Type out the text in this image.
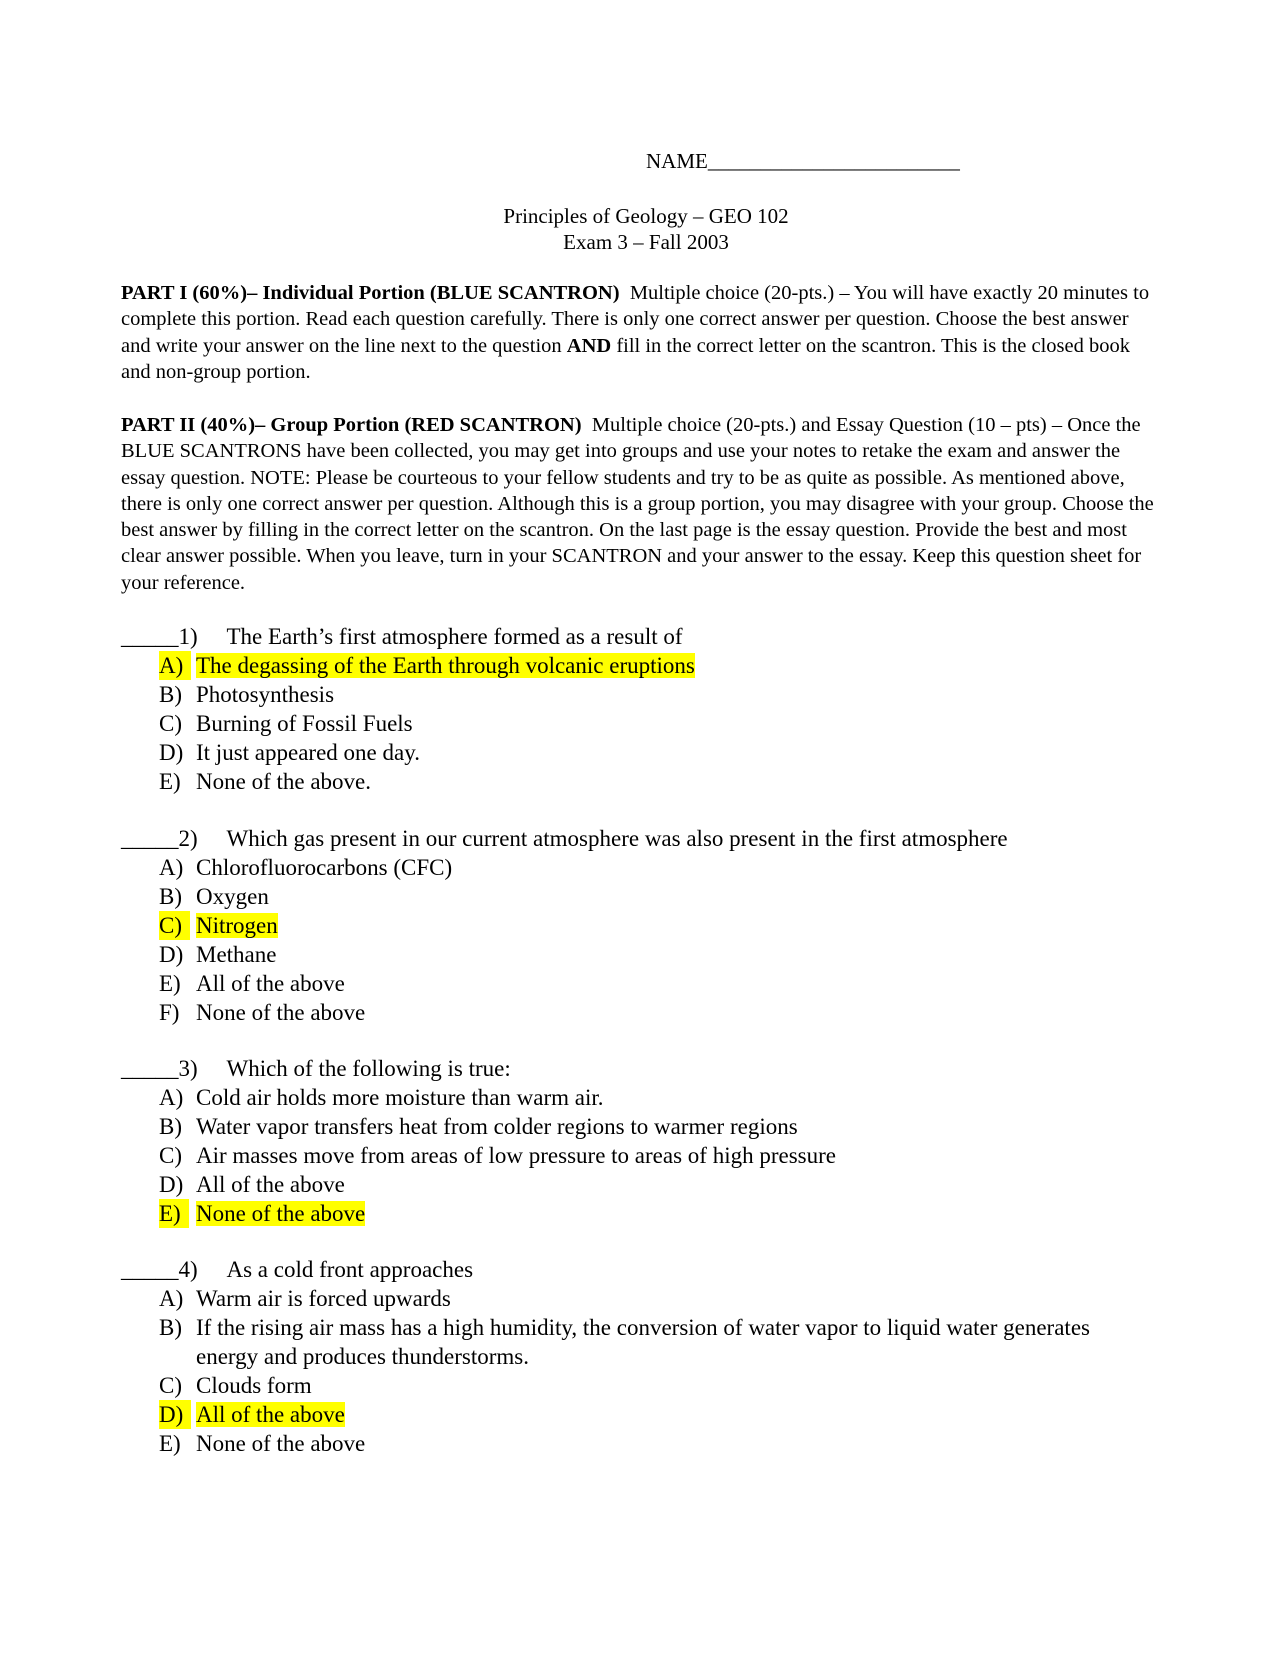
NAME________________________
Principles of Geology – GEO 102
Exam 3 – Fall 2003
PART I (60%)– Individual Portion (BLUE SCANTRON) Multiple choice (20-pts.) – You will have exactly 20 minutes to complete this portion. Read each question carefully. There is only one correct answer per question. Choose the best answer and write your answer on the line next to the question AND fill in the correct letter on the scantron. This is the closed book and non-group portion.
PART II (40%)– Group Portion (RED SCANTRON) Multiple choice (20-pts.) and Essay Question (10 – pts) – Once the BLUE SCANTRONS have been collected, you may get into groups and use your notes to retake the exam and answer the essay question. NOTE: Please be courteous to your fellow students and try to be as quite as possible. As mentioned above, there is only one correct answer per question. Although this is a group portion, you may disagree with your group. Choose the best answer by filling in the correct letter on the scantron. On the last page is the essay question. Provide the best and most clear answer possible. When you leave, turn in your SCANTRON and your answer to the essay. Keep this question sheet for your reference.
_____1) The Earth’s first atmosphere formed as a result of
A) The degassing of the Earth through volcanic eruptions
B) Photosynthesis
C) Burning of Fossil Fuels
D) It just appeared one day.
E) None of the above.
_____2) Which gas present in our current atmosphere was also present in the first atmosphere
A) Chlorofluorocarbons (CFC)
B) Oxygen
C) Nitrogen
D) Methane
E) All of the above
F) None of the above
_____3) Which of the following is true:
A) Cold air holds more moisture than warm air.
B) Water vapor transfers heat from colder regions to warmer regions
C) Air masses move from areas of low pressure to areas of high pressure
D) All of the above
E) None of the above
_____4) As a cold front approaches
A) Warm air is forced upwards
B) If the rising air mass has a high humidity, the conversion of water vapor to liquid water generates energy and produces thunderstorms.
C) Clouds form
D) All of the above
E) None of the above
